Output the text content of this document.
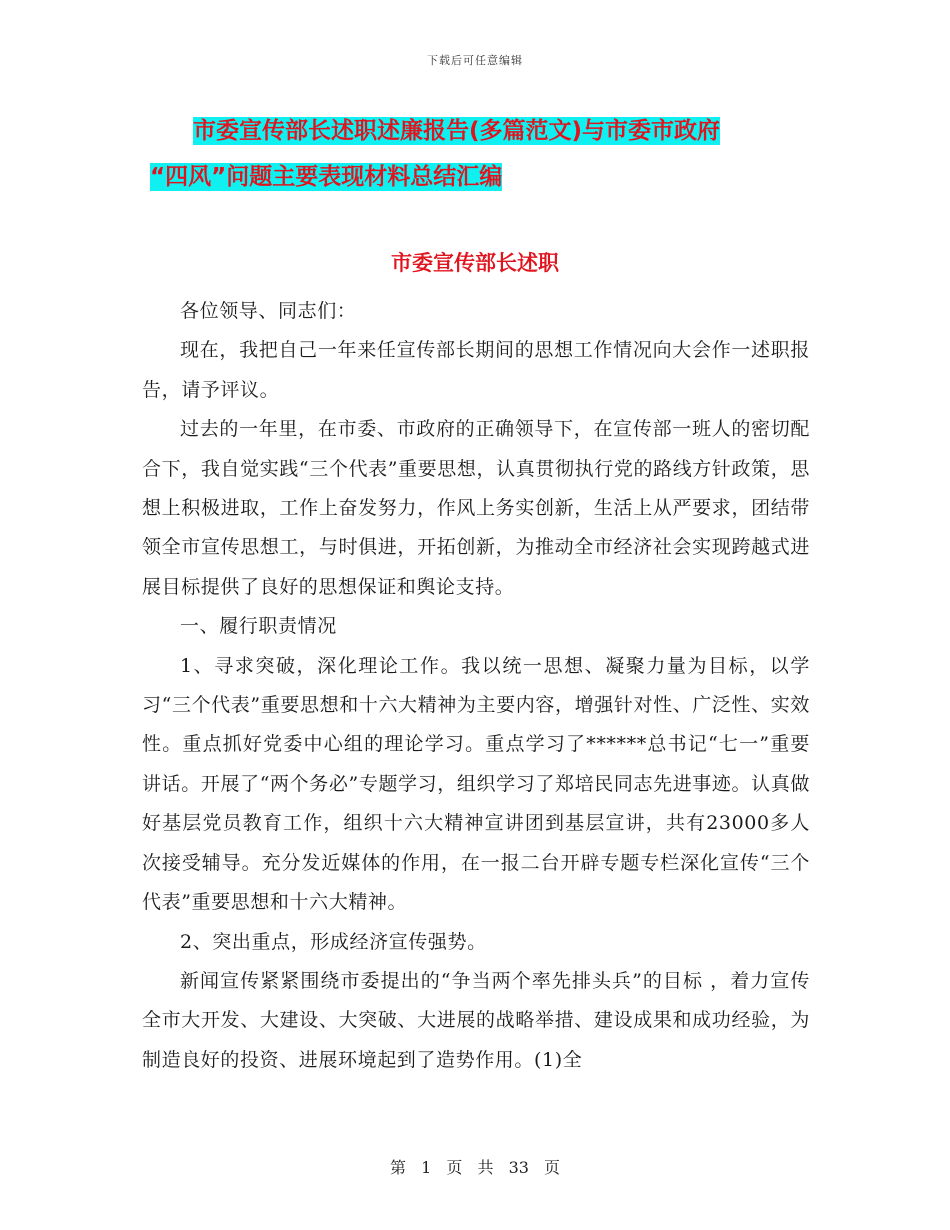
下载后可任意编辑
市委宣传部长述职述廉报告(多篇范文)与市委市政府
“四风”问题主要表现材料总结汇编
市委宣传部长述职

各位领导、同志们：

现在，我把自己一年来任宣传部长期间的思想工作情况向大会作一述职报告，请予评议。

过去的一年里，在市委、市政府的正确领导下，在宣传部一班人的密切配合下，我自觉实践“三个代表”重要思想，认真贯彻执行党的路线方针政策，思想上积极进取，工作上奋发努力，作风上务实创新，生活上从严要求，团结带领全市宣传思想工，与时俱进，开拓创新，为推动全市经济社会实现跨越式进展目标提供了良好的思想保证和舆论支持。

一、履行职责情况

1、寻求突破，深化理论工作。我以统一思想、凝聚力量为目标，以学习“三个代表”重要思想和十六大精神为主要内容，增强针对性、广泛性、实效性。重点抓好党委中心组的理论学习。重点学习了******总书记“七一”重要讲话。开展了“两个务必”专题学习，组织学习了郑培民同志先进事迹。认真做好基层党员教育工作，组织十六大精神宣讲团到基层宣讲，共有23000多人次接受辅导。充分发近媒体的作用，在一报二台开辟专题专栏深化宣传“三个代表”重要思想和十六大精神。

2、突出重点，形成经济宣传强势。

新闻宣传紧紧围绕市委提出的“争当两个率先排头兵”的目标 ，着力宣传全市大开发、大建设、大突破、大进展的战略举措、建设成果和成功经验，为制造良好的投资、进展环境起到了造势作用。(1)全

第 1 页 共 33 页
